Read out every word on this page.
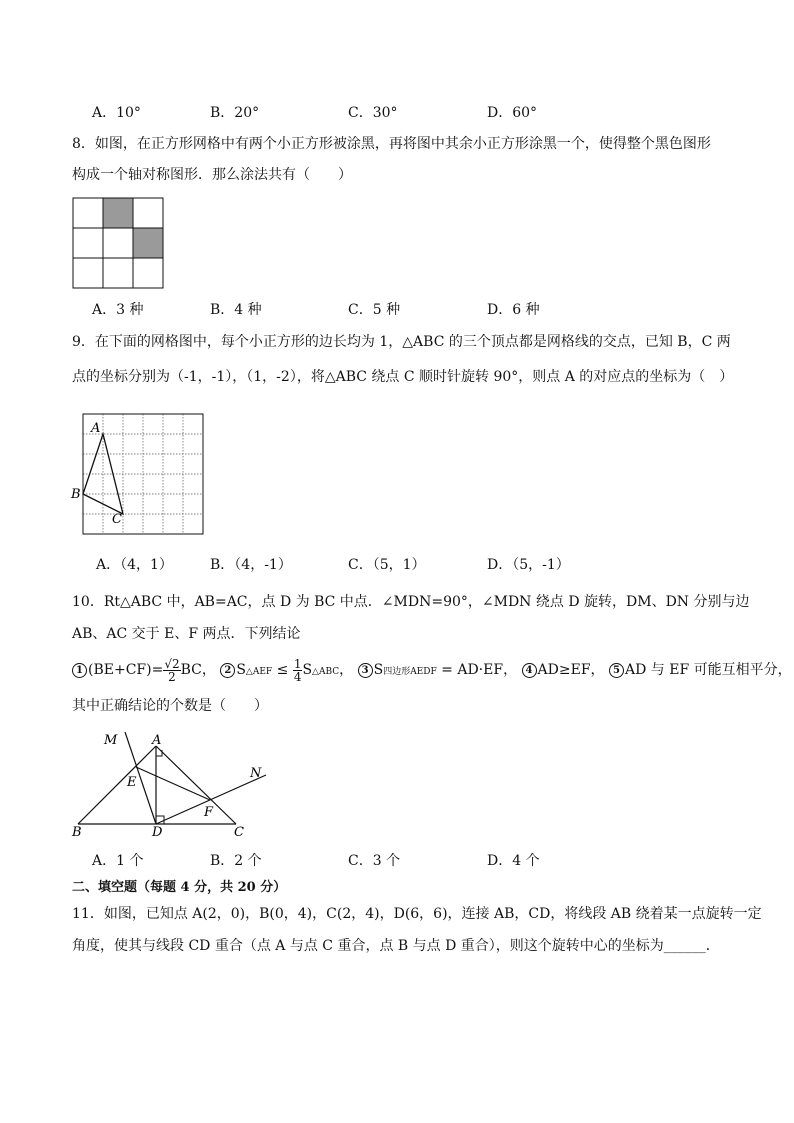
A．10°	B．20°	C．30°	D．60°
8．如图，在正方形网格中有两个小正方形被涂黑，再将图中其余小正方形涂黑一个，使得整个黑色图形
构成一个轴对称图形．那么涂法共有（　　）
A．3 种	B．4 种	C．5 种	D．6 种
9．在下面的网格图中，每个小正方形的边长均为 1，△ABC 的三个顶点都是网格线的交点，已知 B，C 两
点的坐标分别为（-1，-1），（1，-2），将△ABC 绕点 C 顺时针旋转 90°，则点 A 的对应点的坐标为（　）
A
B
C
A．（4，1）	B．（4，-1）	C．（5，1）	D．（5，-1）
10．Rt△ABC 中，AB=AC，点 D 为 BC 中点．∠MDN=90°，∠MDN 绕点 D 旋转，DM、DN 分别与边
AB、AC 交于 E、F 两点．下列结论
1 $(BE+CF)= \frac{√2}{2}$ BC， 2 S△AEF ≤ $\frac{1}{4}$ S△ABC， 3 S四边形AEDF = AD·EF， 4 AD≥EF， 5 AD 与 EF 可能互相平分，
其中正确结论的个数是（　　）
M	A
N
E
F
B	D	C
A．1 个	B．2 个	C．3 个	D．4 个
二、填空题（每题 4 分，共 20 分）
11．如图，已知点 A(2，0)，B(0，4)，C(2，4)，D(6，6)，连接 AB，CD，将线段 AB 绕着某一点旋转一定
角度，使其与线段 CD 重合（点 A 与点 C 重合，点 B 与点 D 重合），则这个旋转中心的坐标为______．
